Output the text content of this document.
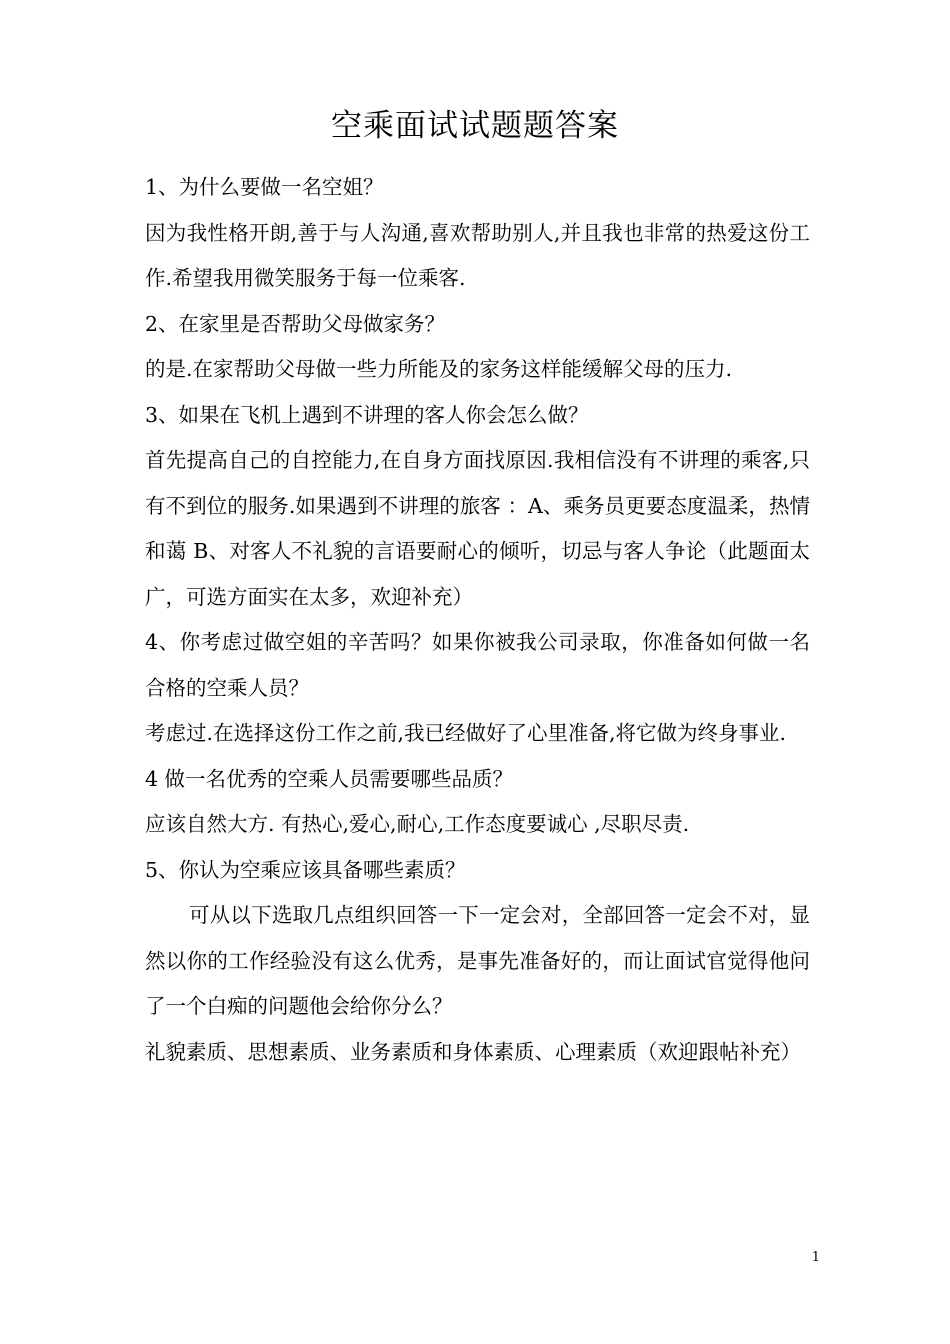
空乘面试试题题答案

1、为什么要做一名空姐？

因为我性格开朗,善于与人沟通,喜欢帮助别人,并且我也非常的热爱这份工作.希望我用微笑服务于每一位乘客.

2、在家里是否帮助父母做家务？

的是.在家帮助父母做一些力所能及的家务这样能缓解父母的压力.

3、如果在飞机上遇到不讲理的客人你会怎么做？

首先提高自己的自控能力,在自身方面找原因.我相信没有不讲理的乘客,只有不到位的服务.如果遇到不讲理的旅客 ：A、乘务员更要态度温柔，热情和蔼 B、对客人不礼貌的言语要耐心的倾听，切忌与客人争论（此题面太广，可选方面实在太多，欢迎补充）

4、你考虑过做空姐的辛苦吗？如果你被我公司录取，你准备如何做一名合格的空乘人员？

考虑过.在选择这份工作之前,我已经做好了心里准备,将它做为终身事业.

4 做一名优秀的空乘人员需要哪些品质？

应该自然大方. 有热心,爱心,耐心,工作态度要诚心 ,尽职尽责.

5、你认为空乘应该具备哪些素质？

可从以下选取几点组织回答一下一定会对，全部回答一定会不对，显然以你的工作经验没有这么优秀，是事先准备好的，而让面试官觉得他问了一个白痴的问题他会给你分么？

礼貌素质、思想素质、业务素质和身体素质、心理素质（欢迎跟帖补充）

1
